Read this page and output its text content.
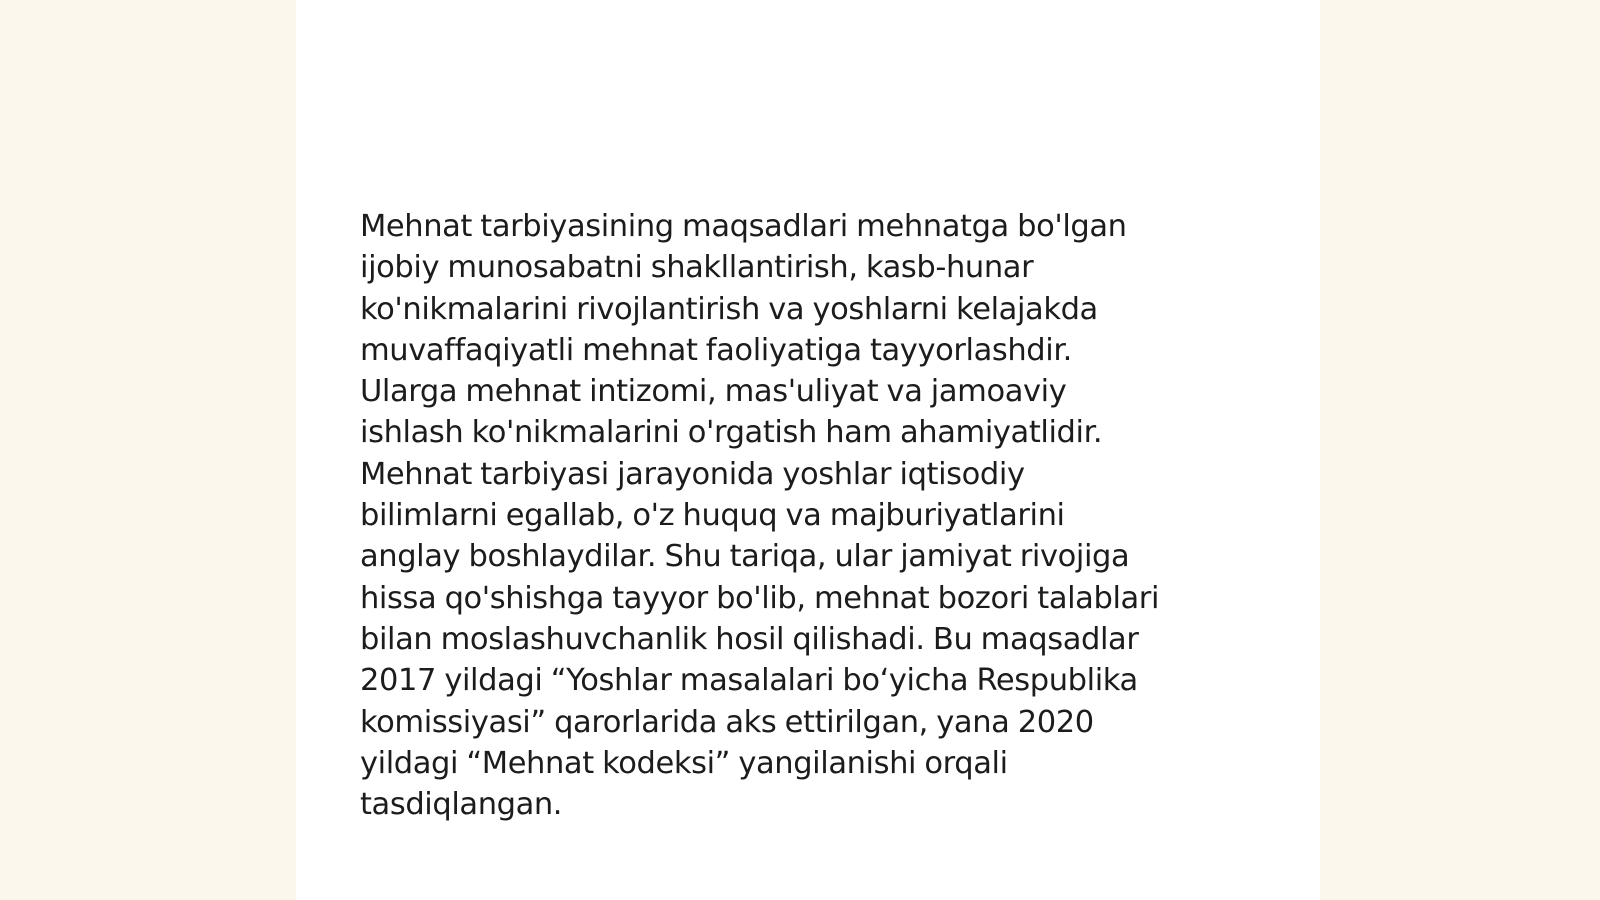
Mehnat tarbiyasining maqsadlari mehnatga bo'lgan
ijobiy munosabatni shakllantirish, kasb-hunar
ko'nikmalarini rivojlantirish va yoshlarni kelajakda
muvaffaqiyatli mehnat faoliyatiga tayyorlashdir.
Ularga mehnat intizomi, mas'uliyat va jamoaviy
ishlash ko'nikmalarini o'rgatish ham ahamiyatlidir.
Mehnat tarbiyasi jarayonida yoshlar iqtisodiy
bilimlarni egallab, o'z huquq va majburiyatlarini
anglay boshlaydilar. Shu tariqa, ular jamiyat rivojiga
hissa qo'shishga tayyor bo'lib, mehnat bozori talablari
bilan moslashuvchanlik hosil qilishadi. Bu maqsadlar
2017 yildagi “Yoshlar masalalari bo‘yicha Respublika
komissiyasi” qarorlarida aks ettirilgan, yana 2020
yildagi “Mehnat kodeksi” yangilanishi orqali
tasdiqlangan.
